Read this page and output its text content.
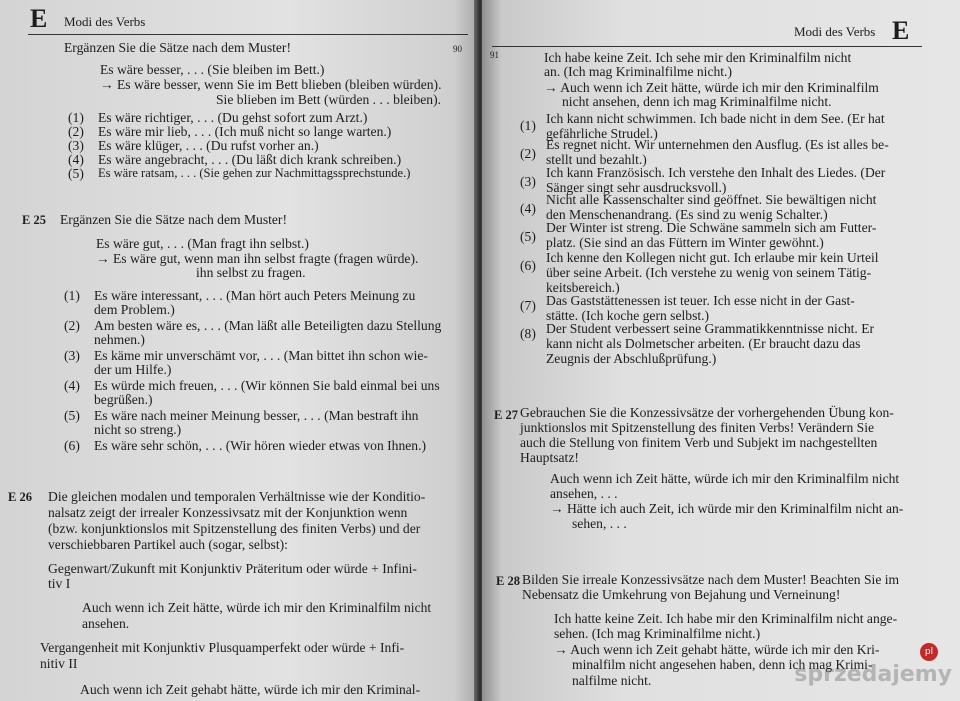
E Modi des Verbs
90
Ergänzen Sie die Sätze nach dem Muster!
Es wäre besser, . . . (Sie bleiben im Bett.)
→ Es wäre besser, wenn Sie im Bett blieben (bleiben würden).
Sie blieben im Bett (würden . . . bleiben).
(1) Es wäre richtiger, . . . (Du gehst sofort zum Arzt.)
(2) Es wäre mir lieb, . . . (Ich muß nicht so lange warten.)
(3) Es wäre klüger, . . . (Du rufst vorher an.)
(4) Es wäre angebracht, . . . (Du läßt dich krank schreiben.)
(5) Es wäre ratsam, . . . (Sie gehen zur Nachmittagssprechstunde.)
E 25 Ergänzen Sie die Sätze nach dem Muster!
Es wäre gut, . . . (Man fragt ihn selbst.)
→ Es wäre gut, wenn man ihn selbst fragte (fragen würde).
ihn selbst zu fragen.
(1) Es wäre interessant, . . . (Man hört auch Peters Meinung zu
dem Problem.)
(2) Am besten wäre es, . . . (Man läßt alle Beteiligten dazu Stellung
nehmen.)
(3) Es käme mir unverschämt vor, . . . (Man bittet ihn schon wie-
der um Hilfe.)
(4) Es würde mich freuen, . . . (Wir können Sie bald einmal bei uns
begrüßen.)
(5) Es wäre nach meiner Meinung besser, . . . (Man bestraft ihn
nicht so streng.)
(6) Es wäre sehr schön, . . . (Wir hören wieder etwas von Ihnen.)
E 26 Die gleichen modalen und temporalen Verhältnisse wie der Konditio-
nalsatz zeigt der irrealer Konzessivsatz mit der Konjunktion wenn
(bzw. konjunktionslos mit Spitzenstellung des finiten Verbs) und der
verschiebbaren Partikel auch (sogar, selbst):
Gegenwart/Zukunft mit Konjunktiv Präteritum oder würde + Infini-
tiv I
Auch wenn ich Zeit hätte, würde ich mir den Kriminalfilm nicht
ansehen.
Vergangenheit mit Konjunktiv Plusquamperfekt oder würde + Infi-
nitiv II
Auch wenn ich Zeit gehabt hätte, würde ich mir den Kriminal-
Modi des Verbs E
91	Ich habe keine Zeit. Ich sehe mir den Kriminalfilm nicht
an. (Ich mag Kriminalfilme nicht.)
→ Auch wenn ich Zeit hätte, würde ich mir den Kriminalfilm
nicht ansehen, denn ich mag Kriminalfilme nicht.
(1) Ich kann nicht schwimmen. Ich bade nicht in dem See. (Er hat
gefährliche Strudel.)
(2)
Es regnet nicht. Wir unternehmen den Ausflug. (Es ist alles be-
stellt und bezahlt.)
(3)
Ich kann Französisch. Ich verstehe den Inhalt des Liedes. (Der
Sänger singt sehr ausdrucksvoll.)
(4)
Nicht alle Kassenschalter sind geöffnet. Sie bewältigen nicht
den Menschenandrang. (Es sind zu wenig Schalter.)
(5)
Der Winter ist streng. Die Schwäne sammeln sich am Futter-
platz. (Sie sind an das Füttern im Winter gewöhnt.)
(6)
Ich kenne den Kollegen nicht gut. Ich erlaube mir kein Urteil
über seine Arbeit. (Ich verstehe zu wenig von seinem Tätig-
keitsbereich.)
(7) Das Gaststättenessen ist teuer. Ich esse nicht in der Gast-
stätte. (Ich koche gern selbst.)
(8) Der Student verbessert seine Grammatikkenntnisse nicht. Er
kann nicht als Dolmetscher arbeiten. (Er braucht dazu das
Zeugnis der Abschlußprüfung.)
E 27 Gebrauchen Sie die Konzessivsätze der vorhergehenden Übung kon-
junktionslos mit Spitzenstellung des finiten Verbs! Verändern Sie
auch die Stellung von finitem Verb und Subjekt im nachgestellten
Hauptsatz!
Auch wenn ich Zeit hätte, würde ich mir den Kriminalfilm nicht
ansehen, . . .
→ Hätte ich auch Zeit, ich würde mir den Kriminalfilm nicht an-
sehen, . . .
E 28 Bilden Sie irreale Konzessivsätze nach dem Muster! Beachten Sie im
Nebensatz die Umkehrung von Bejahung und Verneinung!
Ich hatte keine Zeit. Ich habe mir den Kriminalfilm nicht ange-
sehen. (Ich mag Kriminalfilme nicht.)
→ Auch wenn ich Zeit gehabt hätte, würde ich mir den Kri-
minalfilm nicht angesehen haben, denn ich mag Krimi-
nalfilme nicht.
pl
sprzedajemy
